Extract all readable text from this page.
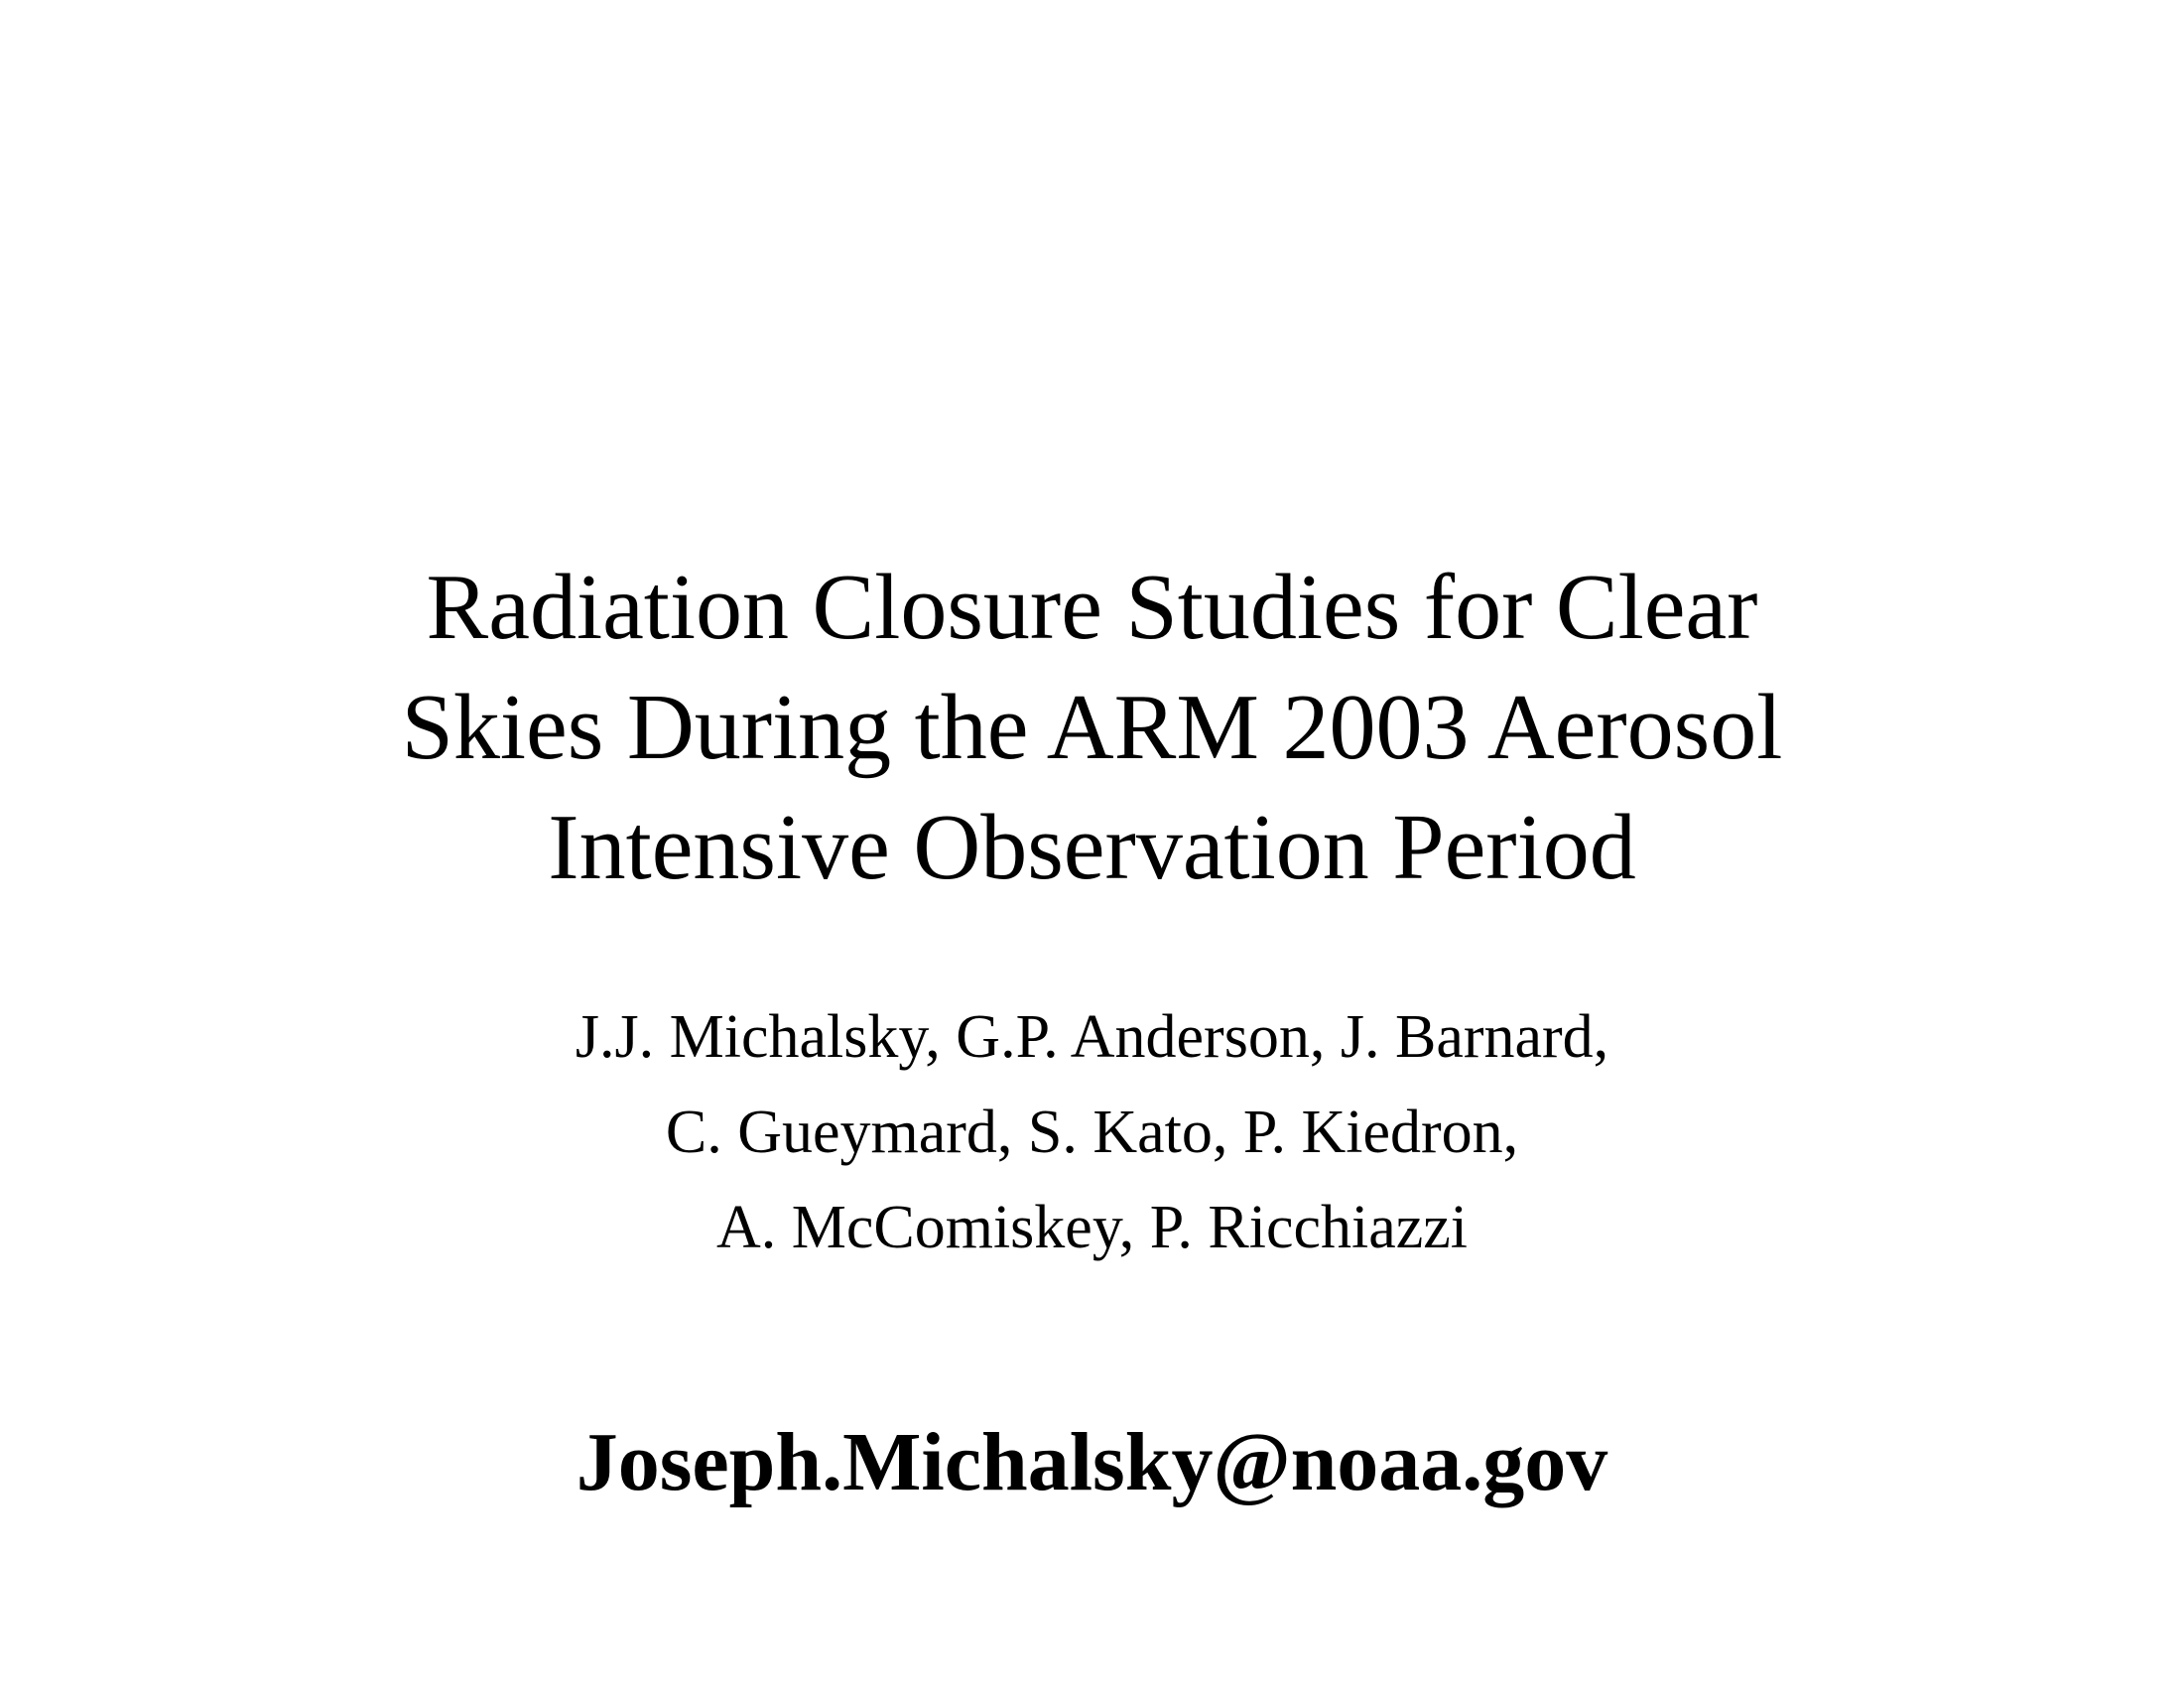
Radiation Closure Studies for Clear
Skies During the ARM 2003 Aerosol
Intensive Observation Period
J.J. Michalsky, G.P. Anderson, J. Barnard,
C. Gueymard, S. Kato, P. Kiedron,
A. McComiskey, P. Ricchiazzi
Joseph.Michalsky@noaa.gov
